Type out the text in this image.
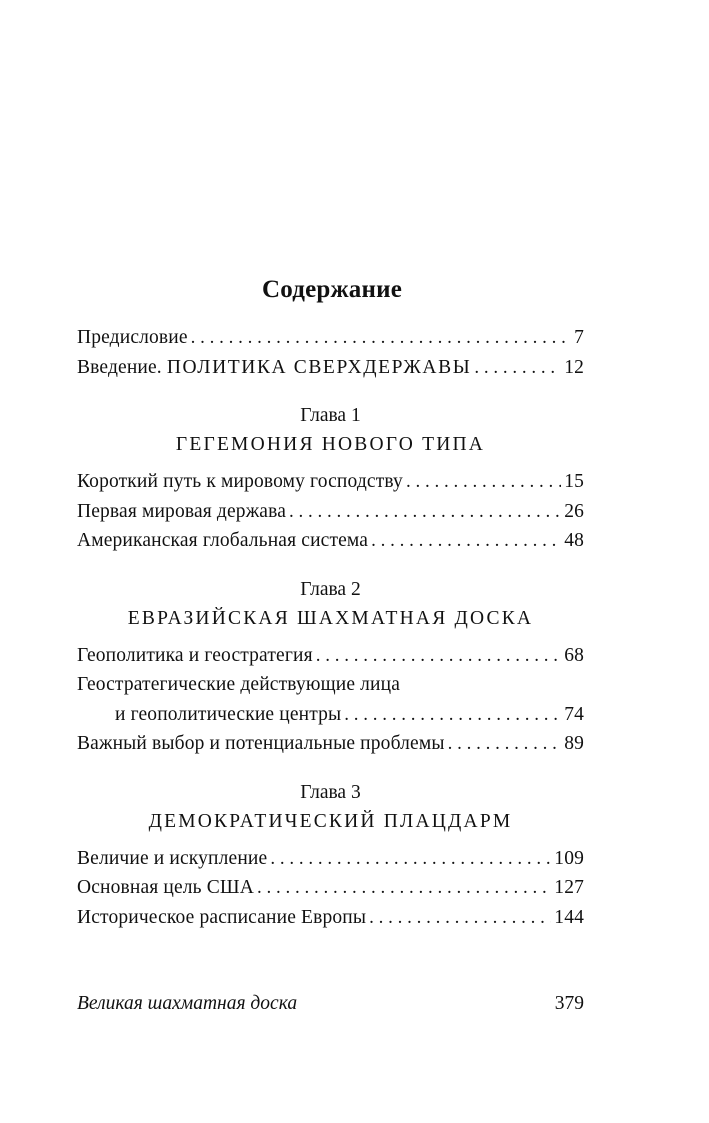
Содержание
Предисловие . . .	7
Введение. ПОЛИТИКА СВЕРХДЕРЖАВЫ . . .	12
Глава 1
ГЕГЕМОНИЯ НОВОГО ТИПА
Короткий путь к мировому господству . . .	15
Первая мировая держава . . .	26
Американская глобальная система . . .	48
Глава 2
ЕВРАЗИЙСКАЯ ШАХМАТНАЯ ДОСКА
Геополитика и геостратегия . . .	68
Геостратегические действующие лица
и геополитические центры . . .	74
Важный выбор и потенциальные проблемы . . .	89
Глава 3
ДЕМОКРАТИЧЕСКИЙ ПЛАЦДАРМ
Величие и искупление . . .	109
Основная цель США . . .	127
Историческое расписание Европы . . .	144
Великая шахматная доска	379
